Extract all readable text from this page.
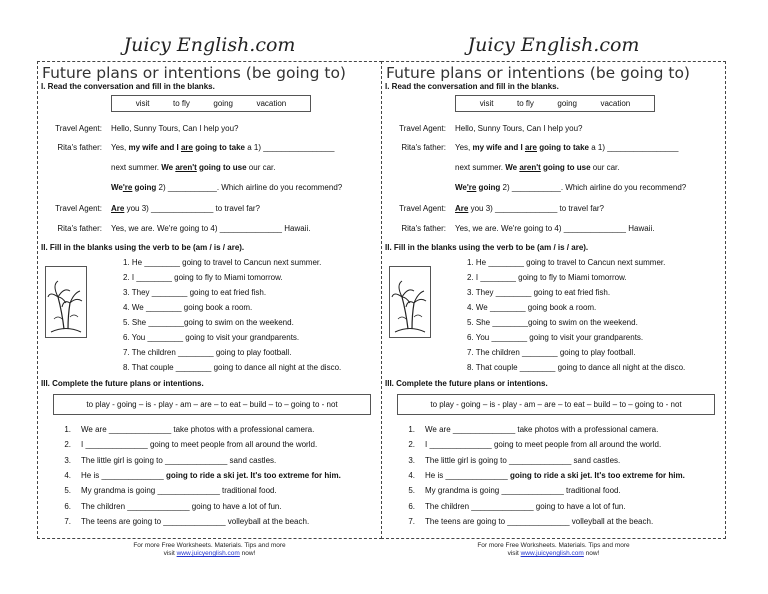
Juicy English.com
Future plans or intentions (be going to)
I. Read the conversation and fill in the blanks.
visit	to fly	going	vacation
Travel Agent: Hello, Sunny Tours, Can I help you?
Rita's father: Yes, my wife and I are going to take a 1) ________________
next summer. We aren't going to use our car.
We're going 2) ___________. Which airline do you recommend?
Travel Agent: Are you 3) ______________ to travel far?
Rita's father: Yes, we are. We're going to 4) ______________ Hawaii.
II. Fill in the blanks using the verb to be (am / is / are).
1. He ________ going to travel to Cancun next summer.
2. I ________ going to fly to Miami tomorrow.
3. They ________ going to eat fried fish.
4. We ________ going book a room.
5. She ________going to swim on the weekend.
6. You ________ going to visit your grandparents.
7. The children ________ going to play football.
8. That couple ________ going to dance all night at the disco.
III. Complete the future plans or intentions.
to play - going – is - play - am – are – to eat – build – to – going to - not
1. We are ______________ take photos with a professional camera.
2. I ______________ going to meet people from all around the world.
3. The little girl is going to ______________ sand castles.
4. He is ______________ going to ride a ski jet. It's too extreme for him.
5. My grandma is going ______________ traditional food.
6. The children ______________ going to have a lot of fun.
7. The teens are going to ______________ volleyball at the beach.
For more Free Worksheets. Materials. Tips and more
visit www.juicyenglish.com now!
Juicy English.com
Future plans or intentions (be going to)
I. Read the conversation and fill in the blanks.
visit	to fly	going	vacation
Travel Agent: Hello, Sunny Tours, Can I help you?
Rita's father: Yes, my wife and I are going to take a 1) ________________
next summer. We aren't going to use our car.
We're going 2) ___________. Which airline do you recommend?
Travel Agent: Are you 3) ______________ to travel far?
Rita's father: Yes, we are. We're going to 4) ______________ Hawaii.
II. Fill in the blanks using the verb to be (am / is / are).
1. He ________ going to travel to Cancun next summer.
2. I ________ going to fly to Miami tomorrow.
3. They ________ going to eat fried fish.
4. We ________ going book a room.
5. She ________going to swim on the weekend.
6. You ________ going to visit your grandparents.
7. The children ________ going to play football.
8. That couple ________ going to dance all night at the disco.
III. Complete the future plans or intentions.
to play - going – is - play - am – are – to eat – build – to – going to - not
1. We are ______________ take photos with a professional camera.
2. I ______________ going to meet people from all around the world.
3. The little girl is going to ______________ sand castles.
4. He is ______________ going to ride a ski jet. It's too extreme for him.
5. My grandma is going ______________ traditional food.
6. The children ______________ going to have a lot of fun.
7. The teens are going to ______________ volleyball at the beach.
For more Free Worksheets. Materials. Tips and more
visit www.juicyenglish.com now!
